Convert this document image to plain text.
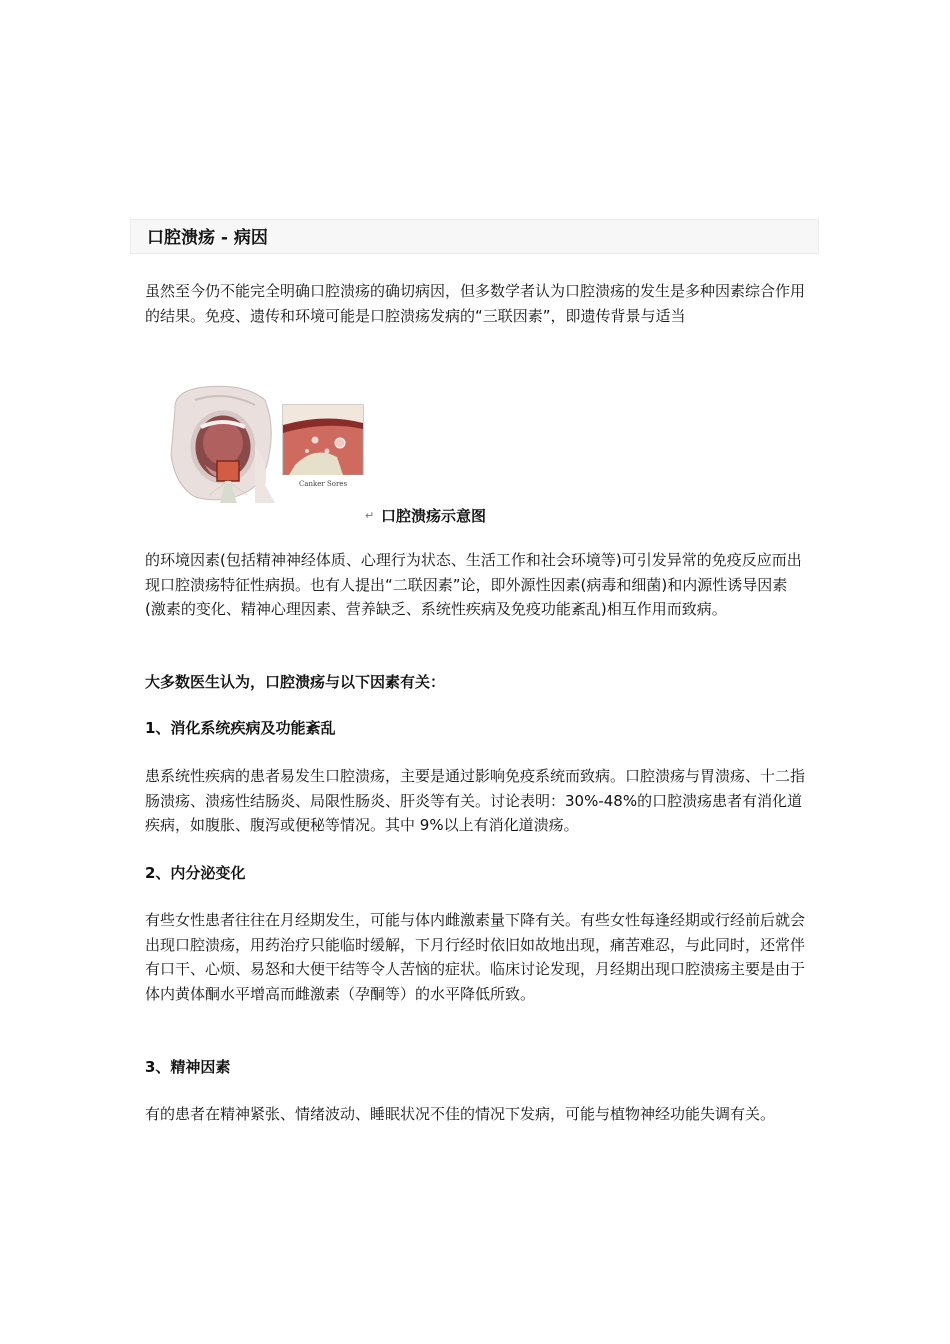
口腔溃疡 - 病因

虽然至今仍不能完全明确口腔溃疡的确切病因，但多数学者认为口腔溃疡的发生是多种因素综合作用的结果。免疫、遗传和环境可能是口腔溃疡发病的“三联因素”，即遗传背景与适当

Canker Sores
↵ 口腔溃疡示意图

的环境因素(包括精神神经体质、心理行为状态、生活工作和社会环境等)可引发异常的免疫反应而出现口腔溃疡特征性病损。也有人提出“二联因素”论，即外源性因素(病毒和细菌)和内源性诱导因素(激素的变化、精神心理因素、营养缺乏、系统性疾病及免疫功能紊乱)相互作用而致病。

大多数医生认为，口腔溃疡与以下因素有关：

1、消化系统疾病及功能紊乱

患系统性疾病的患者易发生口腔溃疡，主要是通过影响免疫系统而致病。口腔溃疡与胃溃疡、十二指肠溃疡、溃疡性结肠炎、局限性肠炎、肝炎等有关。讨论表明：30%-48%的口腔溃疡患者有消化道疾病，如腹胀、腹泻或便秘等情况。其中 9%以上有消化道溃疡。

2、内分泌变化

有些女性患者往往在月经期发生，可能与体内雌激素量下降有关。有些女性每逢经期或行经前后就会出现口腔溃疡，用药治疗只能临时缓解，下月行经时依旧如故地出现，痛苦难忍，与此同时，还常伴有口干、心烦、易怒和大便干结等令人苦恼的症状。临床讨论发现，月经期出现口腔溃疡主要是由于体内黄体酮水平增高而雌激素（孕酮等）的水平降低所致。

3、精神因素

有的患者在精神紧张、情绪波动、睡眠状况不佳的情况下发病，可能与植物神经功能失调有关。
